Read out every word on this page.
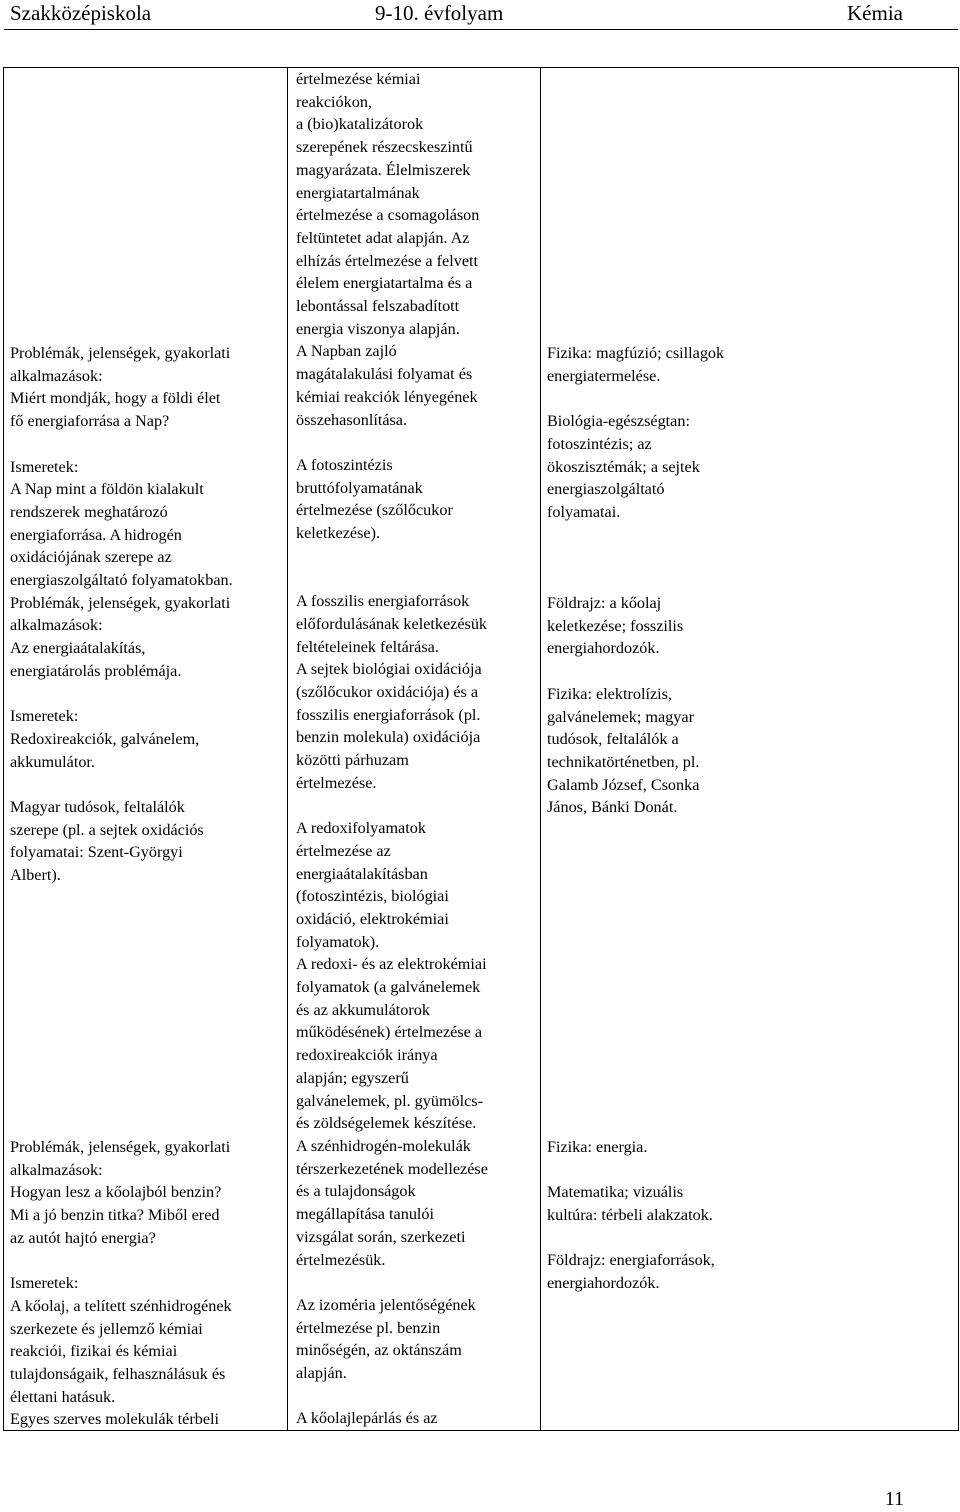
Szakközépiskola	9-10. évfolyam	Kémia

Problémák, jelenségek, gyakorlati

alkalmazások:

Miért mondják, hogy a földi élet

fő energiaforrása a Nap?

Ismeretek:

A Nap mint a földön kialakult

rendszerek meghatározó

energiaforrása. A hidrogén

oxidációjának szerepe az

energiaszolgáltató folyamatokban.

Problémák, jelenségek, gyakorlati

alkalmazások:

Az energiaátalakítás,

energiatárolás problémája.

Ismeretek:

Redoxireakciók, galvánelem,

akkumulátor.

Magyar tudósok, feltalálók

szerepe (pl. a sejtek oxidációs

folyamatai: Szent-Györgyi

Albert).

Problémák, jelenségek, gyakorlati

alkalmazások:

Hogyan lesz a kőolajból benzin?

Mi a jó benzin titka? Miből ered

az autót hajtó energia?

Ismeretek:

A kőolaj, a telített szénhidrogének

szerkezete és jellemző kémiai

reakciói, fizikai és kémiai

tulajdonságaik, felhasználásuk és

élettani hatásuk.

Egyes szerves molekulák térbeli

értelmezése kémiai

reakciókon,

a (bio)katalizátorok

szerepének részecskeszintű

magyarázata. Élelmiszerek

energiatartalmának

értelmezése a csomagoláson

feltüntetet adat alapján. Az

elhízás értelmezése a felvett

élelem energiatartalma és a

lebontással felszabadított

energia viszonya alapján.

A Napban zajló

magátalakulási folyamat és

kémiai reakciók lényegének

összehasonlítása.

A fotoszintézis

bruttófolyamatának

értelmezése (szőlőcukor

keletkezése).

A fosszilis energiaforrások

előfordulásának keletkezésük

feltételeinek feltárása.

A sejtek biológiai oxidációja

(szőlőcukor oxidációja) és a

fosszilis energiaforrások (pl.

benzin molekula) oxidációja

közötti párhuzam

értelmezése.

A redoxifolyamatok

értelmezése az

energiaátalakításban

(fotoszintézis, biológiai

oxidáció, elektrokémiai

folyamatok).

A redoxi- és az elektrokémiai

folyamatok (a galvánelemek

és az akkumulátorok

működésének) értelmezése a

redoxireakciók iránya

alapján; egyszerű

galvánelemek, pl. gyümölcs-

és zöldségelemek készítése.

A szénhidrogén-molekulák

térszerkezetének modellezése

és a tulajdonságok

megállapítása tanulói

vizsgálat során, szerkezeti

értelmezésük.

Az izoméria jelentőségének

értelmezése pl. benzin

minőségén, az oktánszám

alapján.

A kőolajlepárlás és az

Fizika: magfúzió; csillagok

energiatermelése.

Biológia-egészségtan:

fotoszintézis; az

ökoszisztémák; a sejtek

energiaszolgáltató

folyamatai.

Földrajz: a kőolaj

keletkezése; fosszilis

energiahordozók.

Fizika: elektrolízis,

galvánelemek; magyar

tudósok, feltalálók a

technikatörténetben, pl.

Galamb József, Csonka

János, Bánki Donát.

Fizika: energia.

Matematika; vizuális

kultúra: térbeli alakzatok.

Földrajz: energiaforrások,

energiahordozók.

11
